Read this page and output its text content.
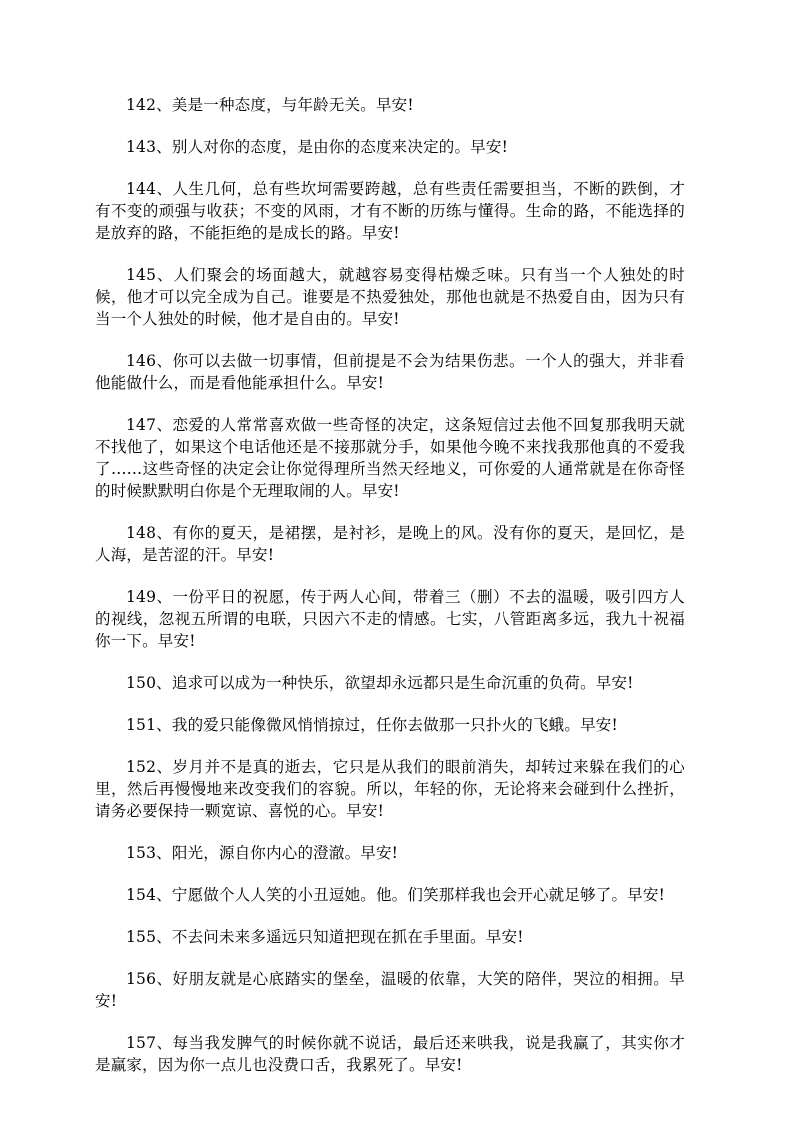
142、美是一种态度，与年龄无关。早安!

143、别人对你的态度，是由你的态度来决定的。早安!

144、人生几何，总有些坎坷需要跨越，总有些责任需要担当，不断的跌倒，才有不变的顽强与收获；不变的风雨，才有不断的历练与懂得。生命的路，不能选择的是放弃的路，不能拒绝的是成长的路。早安!

145、人们聚会的场面越大，就越容易变得枯燥乏味。只有当一个人独处的时候，他才可以完全成为自己。谁要是不热爱独处，那他也就是不热爱自由，因为只有当一个人独处的时候，他才是自由的。早安!

146、你可以去做一切事情，但前提是不会为结果伤悲。一个人的强大，并非看他能做什么，而是看他能承担什么。早安!

147、恋爱的人常常喜欢做一些奇怪的决定，这条短信过去他不回复那我明天就不找他了，如果这个电话他还是不接那就分手，如果他今晚不来找我那他真的不爱我了……这些奇怪的决定会让你觉得理所当然天经地义，可你爱的人通常就是在你奇怪的时候默默明白你是个无理取闹的人。早安!

148、有你的夏天，是裙摆，是衬衫，是晚上的风。没有你的夏天，是回忆，是人海，是苦涩的汗。早安!

149、一份平日的祝愿，传于两人心间，带着三（删）不去的温暖，吸引四方人的视线，忽视五所谓的电联，只因六不走的情感。七实，八管距离多远，我九十祝福你一下。早安!

150、追求可以成为一种快乐，欲望却永远都只是生命沉重的负荷。早安!

151、我的爱只能像微风悄悄掠过，任你去做那一只扑火的飞蛾。早安!

152、岁月并不是真的逝去，它只是从我们的眼前消失，却转过来躲在我们的心里，然后再慢慢地来改变我们的容貌。所以，年轻的你，无论将来会碰到什么挫折，请务必要保持一颗宽谅、喜悦的心。早安!

153、阳光，源自你内心的澄澈。早安!

154、宁愿做个人人笑的小丑逗她。他。们笑那样我也会开心就足够了。早安!

155、不去问未来多遥远只知道把现在抓在手里面。早安!

156、好朋友就是心底踏实的堡垒，温暖的依靠，大笑的陪伴，哭泣的相拥。早安!

157、每当我发脾气的时候你就不说话，最后还来哄我，说是我赢了，其实你才是赢家，因为你一点儿也没费口舌，我累死了。早安!
